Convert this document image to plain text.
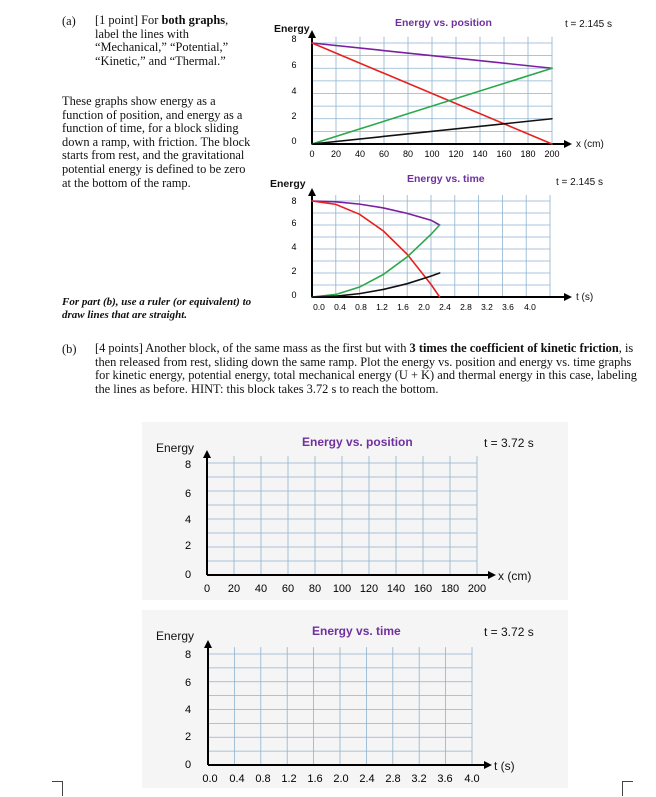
(a) [1 point] For both graphs, label the lines with “Mechanical,” “Potential,” “Kinetic,” and “Thermal.”
These graphs show energy as a function of position, and energy as a function of time, for a block sliding down a ramp, with friction. The block starts from rest, and the gravitational potential energy is defined to be zero at the bottom of the ramp.
For part (b), use a ruler (or equivalent) to draw lines that are straight.
(b) [4 points] Another block, of the same mass as the first but with 3 times the coefficient of kinetic friction, is then released from rest, sliding down the same ramp. Plot the energy vs. position and energy vs. time graphs for kinetic energy, potential energy, total mechanical energy (U + K) and thermal energy in this case, labeling the lines as before. HINT: this block takes 3.72 s to reach the bottom.
Energy	Energy vs. position	t = 2.145 s
x (cm)
8
6
4
2
0
0 20 40 60 80 100 120 140 160 180 200
Energy	Energy vs. time	t = 2.145 s
t (s)
8
6
4
2
0
0.0 0.4 0.8 1.2 1.6 2.0 2.4 2.8 3.2 3.6 4.0
Energy	Energy vs. position	t = 3.72 s
x (cm)
8
6
4
2
0
0 20 40 60 80 100 120 140 160 180 200
Energy	Energy vs. time	t = 3.72 s
t (s)
8
6
4
2
0
0.0 0.4 0.8 1.2 1.6 2.0 2.4 2.8 3.2 3.6 4.0
